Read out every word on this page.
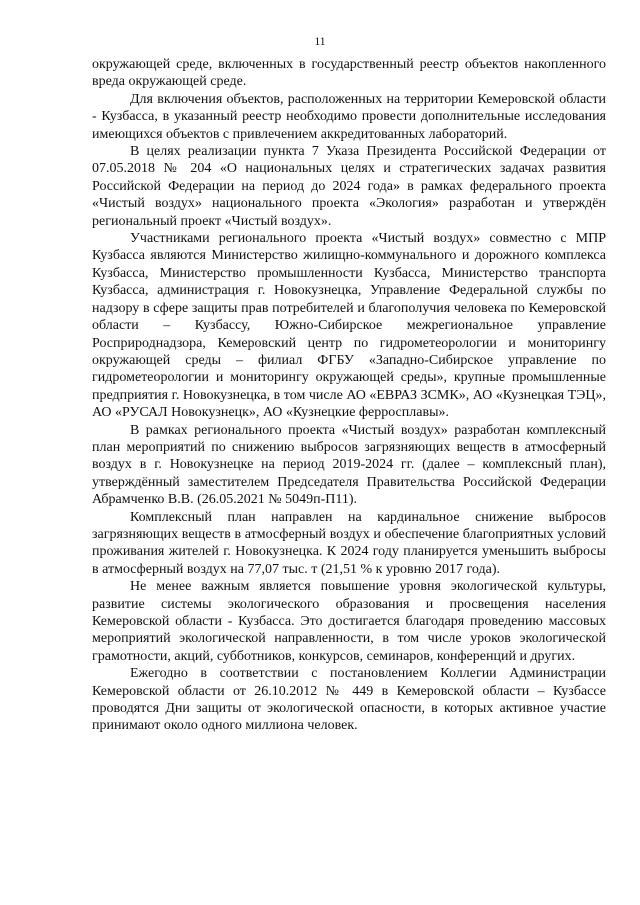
11

окружающей среде, включенных в государственный реестр объектов накопленного вреда окружающей среде.

Для включения объектов, расположенных на территории Кемеровской области - Кузбасса, в указанный реестр необходимо провести дополнительные исследования имеющихся объектов с привлечением аккредитованных лабораторий.

В целях реализации пункта 7 Указа Президента Российской Федерации от 07.05.2018 № 204 «О национальных целях и стратегических задачах развития Российской Федерации на период до 2024 года» в рамках федерального проекта «Чистый воздух» национального проекта «Экология» разработан и утверждён региональный проект «Чистый воздух».

Участниками регионального проекта «Чистый воздух» совместно с МПР Кузбасса являются Министерство жилищно-коммунального и дорожного комплекса Кузбасса, Министерство промышленности Кузбасса, Министерство транспорта Кузбасса, администрация г. Новокузнецка, Управление Федеральной службы по надзору в сфере защиты прав потребителей и благополучия человека по Кемеровской области – Кузбассу, Южно-Сибирское межрегиональное управление Росприроднадзора, Кемеровский центр по гидрометеорологии и мониторингу окружающей среды – филиал ФГБУ «Западно-Сибирское управление по гидрометеорологии и мониторингу окружающей среды», крупные промышленные предприятия г. Новокузнецка, в том числе АО «ЕВРАЗ ЗСМК», АО «Кузнецкая ТЭЦ», АО «РУСАЛ Новокузнецк», АО «Кузнецкие ферросплавы».

В рамках регионального проекта «Чистый воздух» разработан комплексный план мероприятий по снижению выбросов загрязняющих веществ в атмосферный воздух в г. Новокузнецке на период 2019-2024 гг. (далее – комплексный план), утверждённый заместителем Председателя Правительства Российской Федерации Абрамченко В.В. (26.05.2021 № 5049п-П11).

Комплексный план направлен на кардинальное снижение выбросов загрязняющих веществ в атмосферный воздух и обеспечение благоприятных условий проживания жителей г. Новокузнецка. К 2024 году планируется уменьшить выбросы в атмосферный воздух на 77,07 тыс. т (21,51 % к уровню 2017 года).

Не менее важным является повышение уровня экологической культуры, развитие системы экологического образования и просвещения населения Кемеровской области - Кузбасса. Это достигается благодаря проведению массовых мероприятий экологической направленности, в том числе уроков экологической грамотности, акций, субботников, конкурсов, семинаров, конференций и других.

Ежегодно в соответствии с постановлением Коллегии Администрации Кемеровской области от 26.10.2012 № 449 в Кемеровской области – Кузбассе проводятся Дни защиты от экологической опасности, в которых активное участие принимают около одного миллиона человек.
